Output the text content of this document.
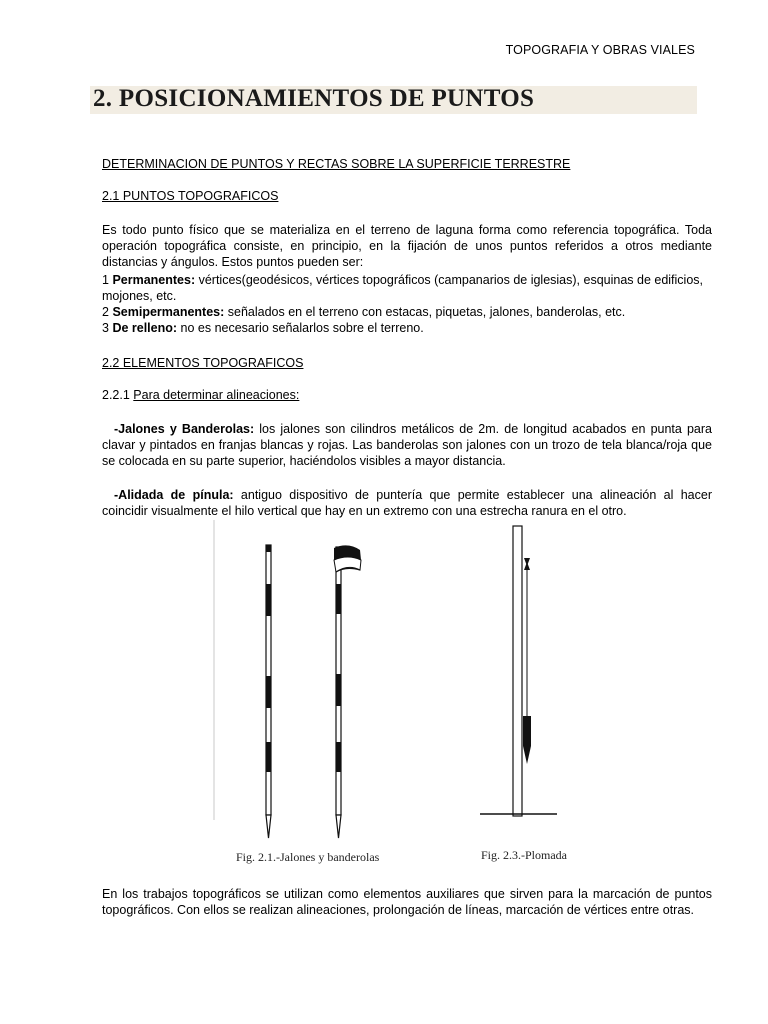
TOPOGRAFIA Y OBRAS VIALES
2. POSICIONAMIENTOS DE PUNTOS
DETERMINACION DE PUNTOS Y RECTAS SOBRE LA SUPERFICIE TERRESTRE
2.1 PUNTOS TOPOGRAFICOS
Es todo punto físico que se materializa en el terreno de laguna forma como referencia topográfica. Toda
operación topográfica consiste, en principio, en la fijación de unos puntos referidos a otros mediante
distancias y ángulos. Estos puntos pueden ser:
1 Permanentes: vértices(geodésicos, vértices topográficos (campanarios de iglesias), esquinas de edificios,
mojones, etc.
2 Semipermanentes: señalados en el terreno con estacas, piquetas, jalones, banderolas, etc.
3 De relleno: no es necesario señalarlos sobre el terreno.
2.2 ELEMENTOS TOPOGRAFICOS
2.2.1 Para determinar alineaciones:
-Jalones y Banderolas: los jalones son cilindros metálicos de 2m. de longitud acabados en punta para
clavar y pintados en franjas blancas y rojas. Las banderolas son jalones con un trozo de tela blanca/roja que
se colocada en su parte superior, haciéndolos visibles a mayor distancia.
-Alidada de pínula: antiguo dispositivo de puntería que permite establecer una alineación al hacer
coincidir visualmente el hilo vertical que hay en un extremo con una estrecha ranura en el otro.
Fig. 2.1.-Jalones y banderolas	Fig. 2.3.-Plomada
En los trabajos topográficos se utilizan como elementos auxiliares que sirven para la marcación de puntos
topográficos. Con ellos se realizan alineaciones, prolongación de líneas, marcación de vértices entre otras.
